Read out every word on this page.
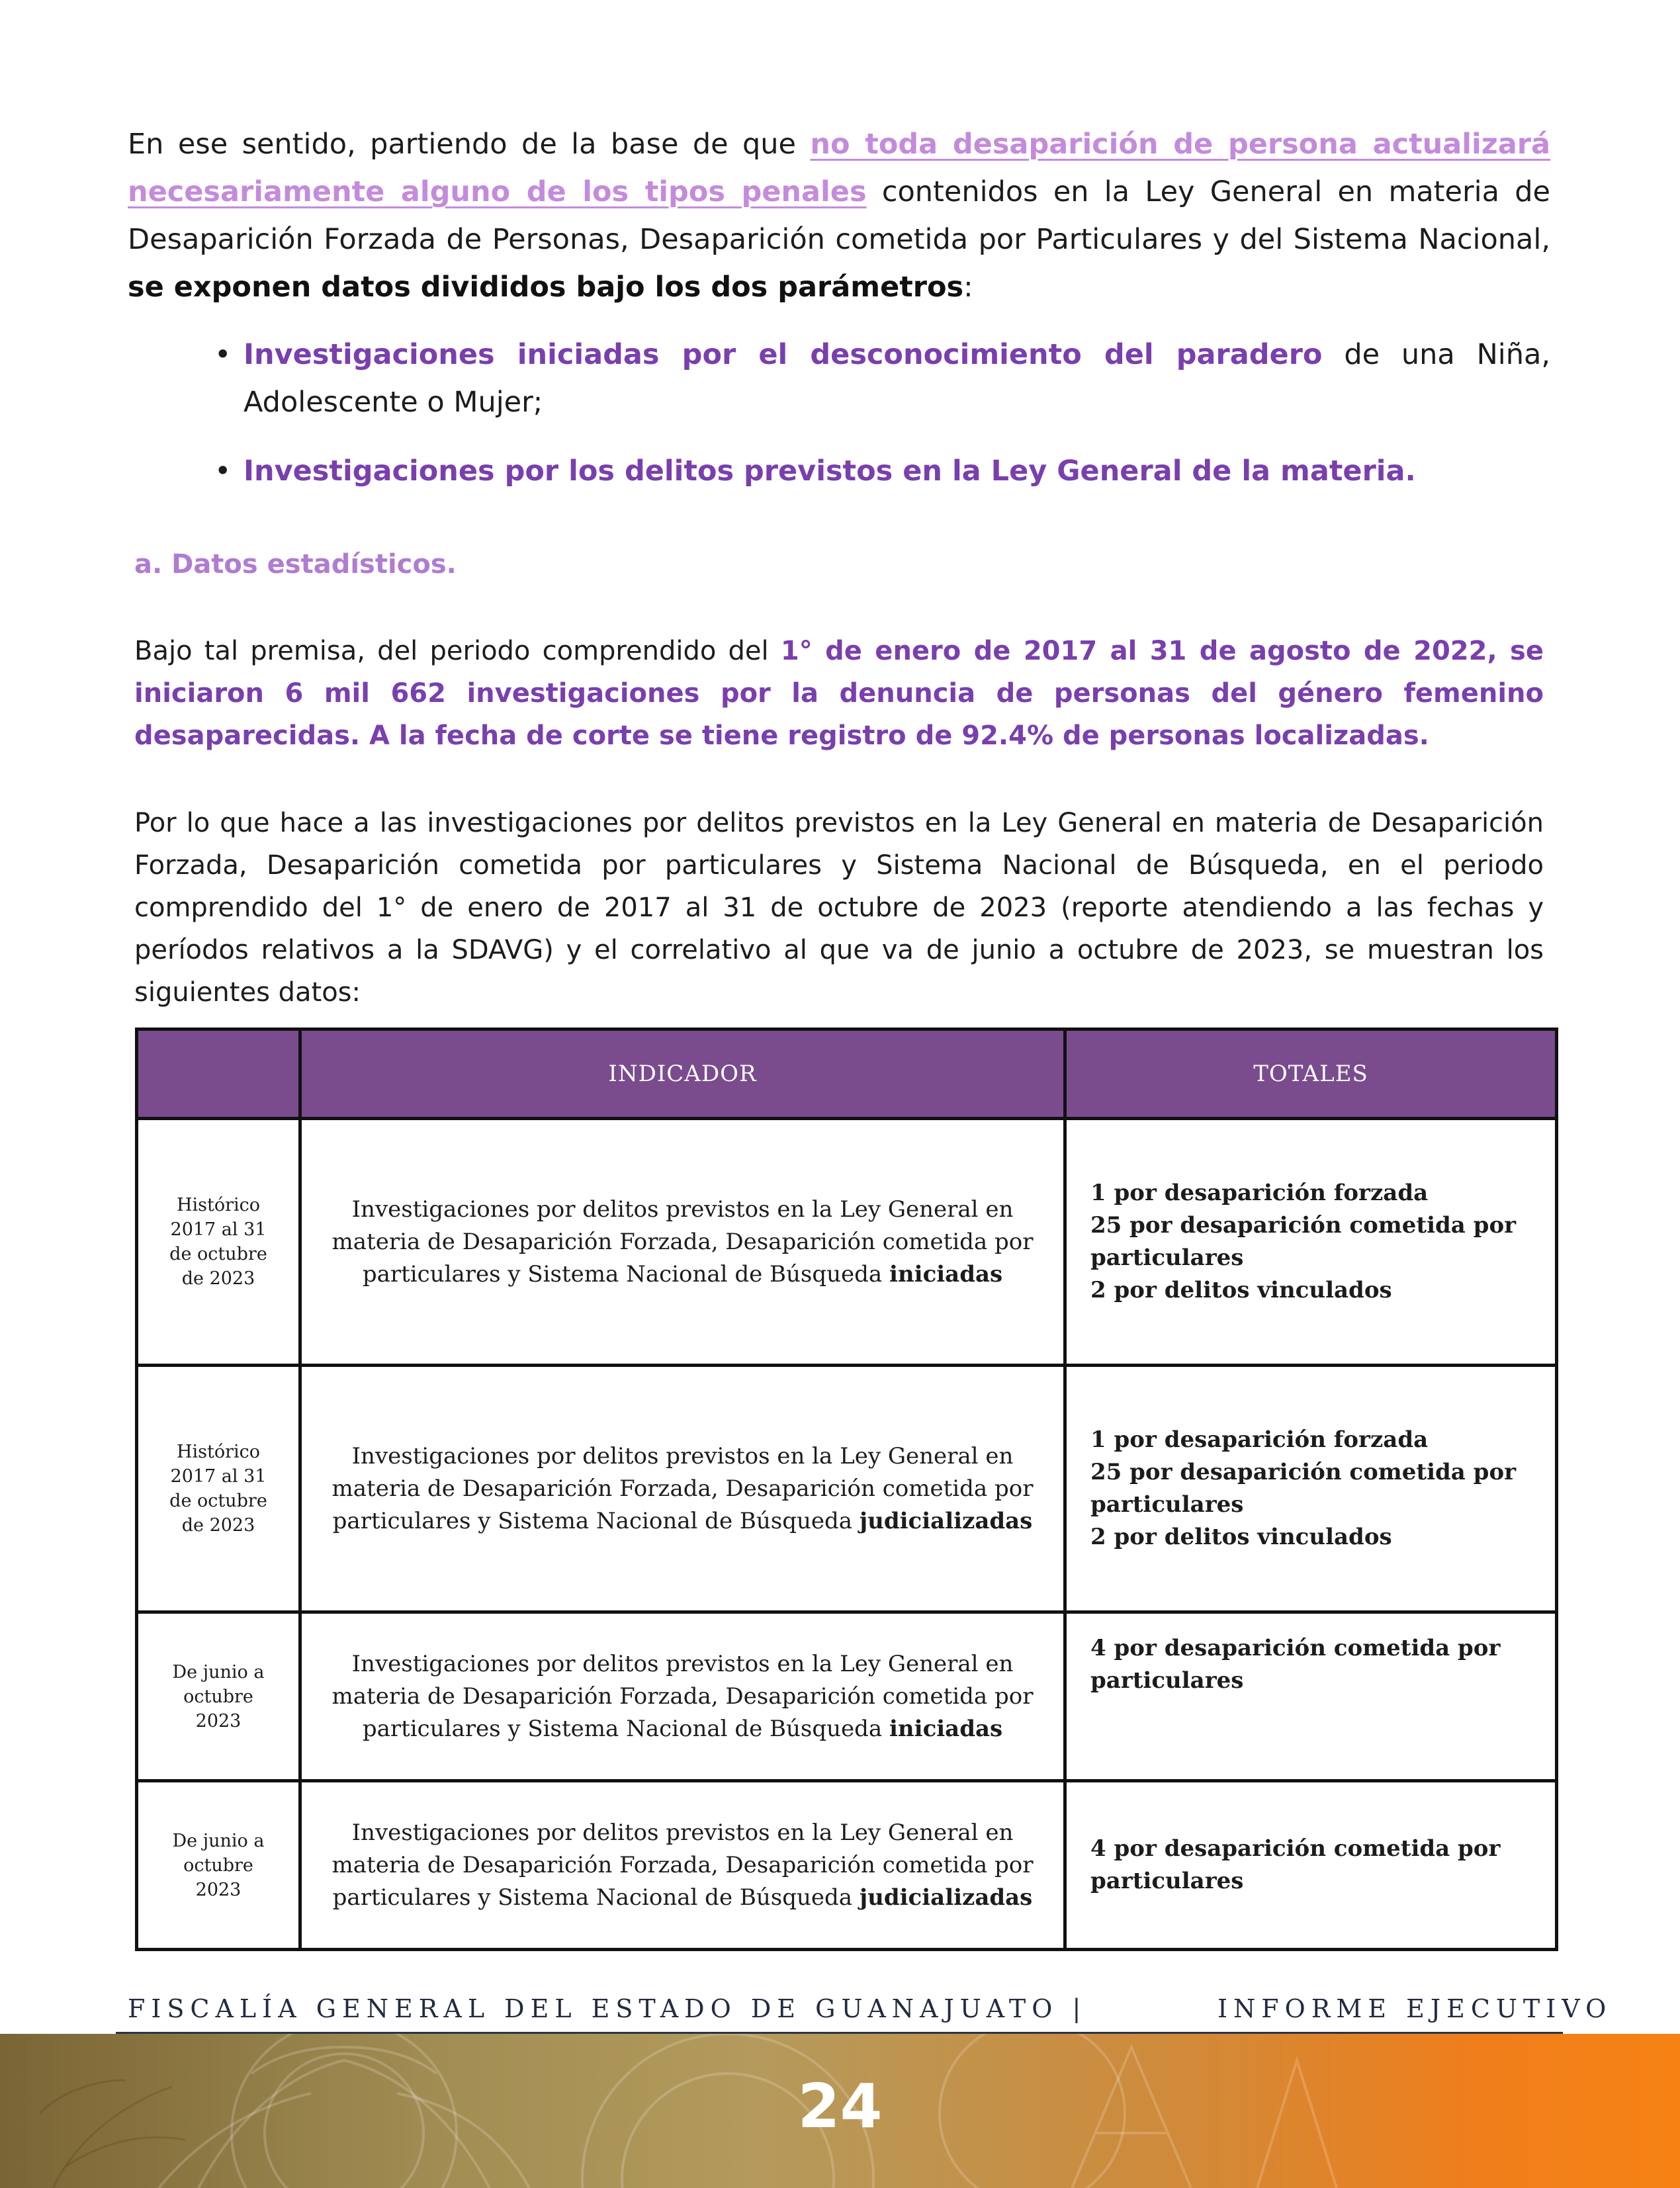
En ese sentido, partiendo de la base de que no toda desaparición de persona actualizará necesariamente alguno de los tipos penales contenidos en la Ley General en materia de Desaparición Forzada de Personas, Desaparición cometida por Particulares y del Sistema Nacional, se exponen datos divididos bajo los dos parámetros:

• Investigaciones iniciadas por el desconocimiento del paradero de una Niña, Adolescente o Mujer;
• Investigaciones por los delitos previstos en la Ley General de la materia.
a. Datos estadísticos.

Bajo tal premisa, del periodo comprendido del 1° de enero de 2017 al 31 de agosto de 2022, se iniciaron 6 mil 662 investigaciones por la denuncia de personas del género femenino desaparecidas. A la fecha de corte se tiene registro de 92.4% de personas localizadas.

Por lo que hace a las investigaciones por delitos previstos en la Ley General en materia de Desaparición Forzada, Desaparición cometida por particulares y Sistema Nacional de Búsqueda, en el periodo comprendido del 1° de enero de 2017 al 31 de octubre de 2023 (reporte atendiendo a las fechas y períodos relativos a la SDAVG) y el correlativo al que va de junio a octubre de 2023, se muestran los siguientes datos:

	INDICADOR	TOTALES
Histórico 2017 al 31 de octubre de 2023	Investigaciones por delitos previstos en la Ley General en materia de Desaparición Forzada, Desaparición cometida por particulares y Sistema Nacional de Búsqueda iniciadas	1 por desaparición forzada
25 por desaparición cometida por particulares
2 por delitos vinculados

Histórico 2017 al 31 de octubre de 2023	Investigaciones por delitos previstos en la Ley General en materia de Desaparición Forzada, Desaparición cometida por particulares y Sistema Nacional de Búsqueda judicializadas	1 por desaparición forzada
25 por desaparición cometida por particulares
2 por delitos vinculados

De junio a octubre 2023	Investigaciones por delitos previstos en la Ley General en materia de Desaparición Forzada, Desaparición cometida por particulares y Sistema Nacional de Búsqueda iniciadas	4 por desaparición cometida por particulares

De junio a octubre 2023	Investigaciones por delitos previstos en la Ley General en materia de Desaparición Forzada, Desaparición cometida por particulares y Sistema Nacional de Búsqueda judicializadas	4 por desaparición cometida por particulares
FISCALÍA GENERAL DEL ESTADO DE GUANAJUATO |	INFORME EJECUTIVO
24
